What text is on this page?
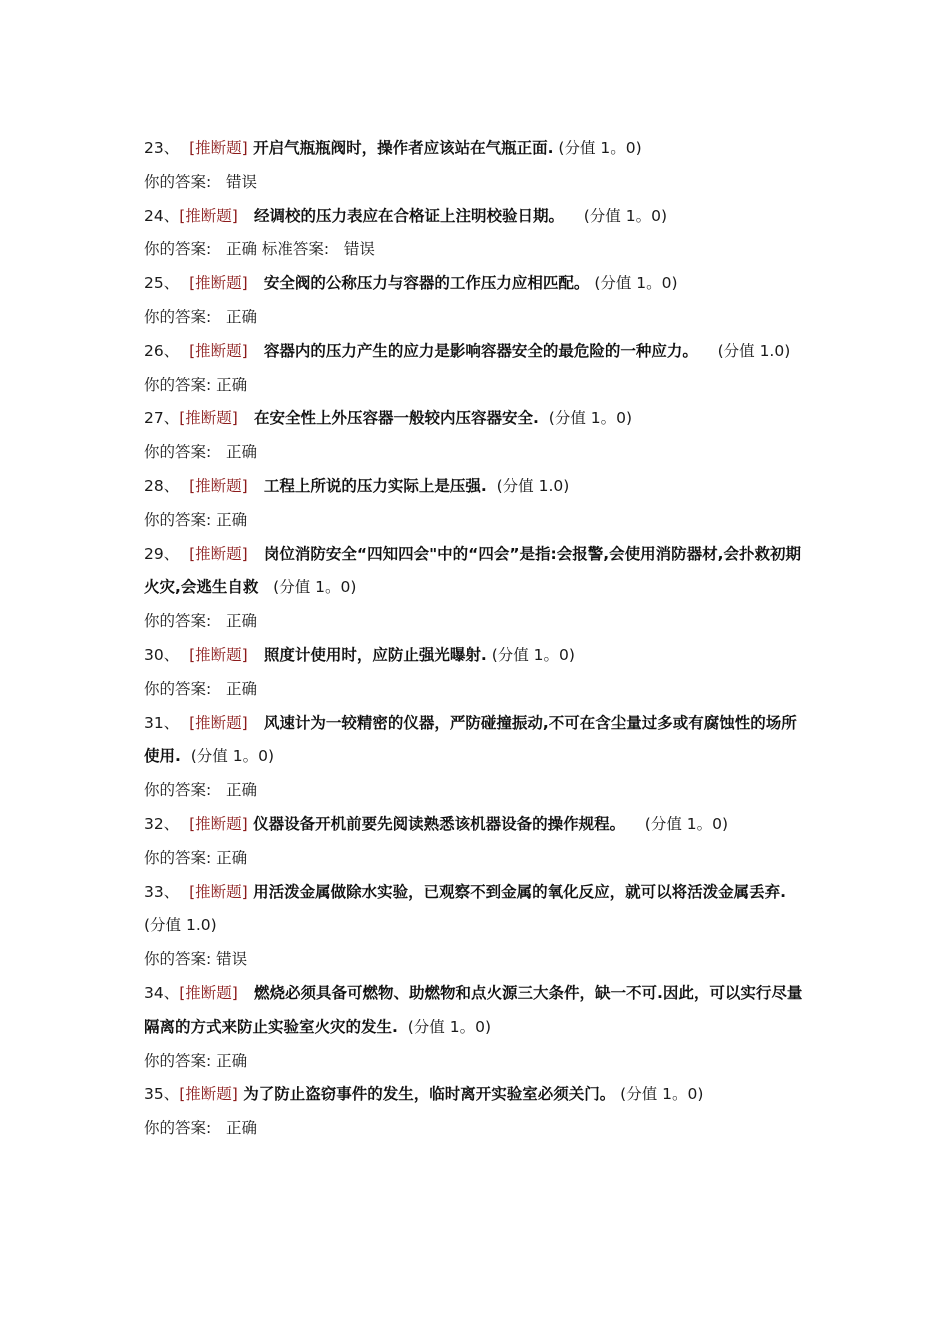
23、  [推断题] 开启气瓶瓶阀时，操作者应该站在气瓶正面. (分值 1。0)
你的答案:   错误
24、[推断题]   经调校的压力表应在合格证上注明校验日期。    (分值 1。0)
你的答案:   正确 标准答案:   错误
25、  [推断题]   安全阀的公称压力与容器的工作压力应相匹配。 (分值 1。0)
你的答案:   正确
26、  [推断题]   容器内的压力产生的应力是影响容器安全的最危险的一种应力。    (分值 1.0)
你的答案: 正确
27、[推断题]   在安全性上外压容器一般较内压容器安全.  (分值 1。0)
你的答案:   正确
28、  [推断题]   工程上所说的压力实际上是压强.  (分值 1.0)
你的答案: 正确
29、  [推断题]   岗位消防安全“四知四会"中的“四会”是指:会报警,会使用消防器材,会扑救初期火灾,会逃生自救   (分值 1。0)
你的答案:   正确
30、  [推断题]   照度计使用时，应防止强光曝射. (分值 1。0)
你的答案:   正确
31、  [推断题]   风速计为一较精密的仪器，严防碰撞振动,不可在含尘量过多或有腐蚀性的场所使用.  (分值 1。0)
你的答案:   正确
32、  [推断题] 仪器设备开机前要先阅读熟悉该机器设备的操作规程。    (分值 1。0)
你的答案: 正确
33、  [推断题] 用活泼金属做除水实验，已观察不到金属的氧化反应，就可以将活泼金属丢弃. (分值 1.0)
你的答案: 错误
34、[推断题]   燃烧必须具备可燃物、助燃物和点火源三大条件，缺一不可.因此，可以实行尽量隔离的方式来防止实验室火灾的发生.  (分值 1。0)
你的答案: 正确
35、[推断题] 为了防止盗窃事件的发生，临时离开实验室必须关门。 (分值 1。0)
你的答案:   正确
